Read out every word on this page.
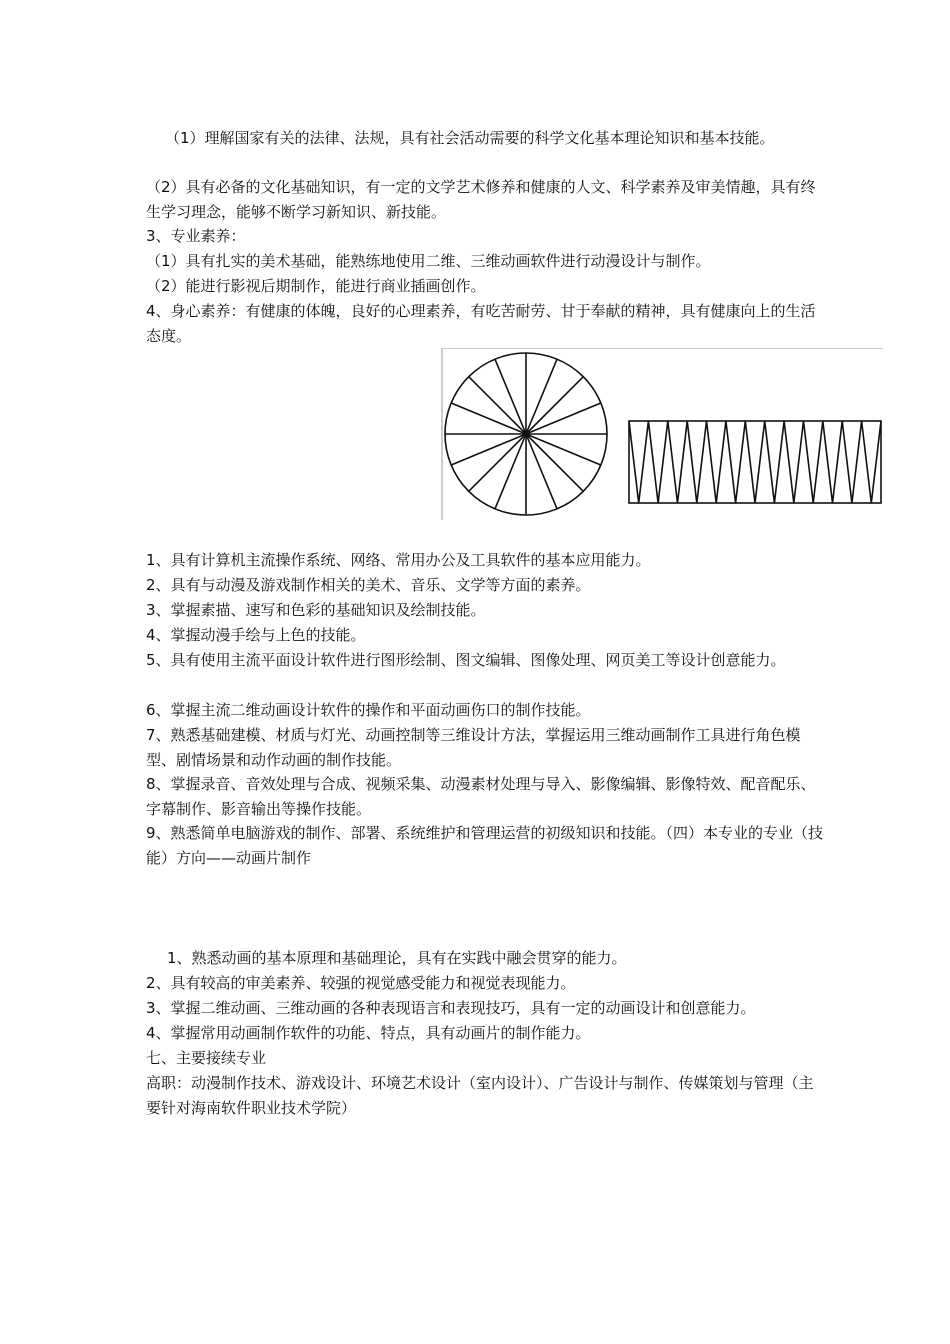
（1）理解国家有关的法律、法规，具有社会活动需要的科学文化基本理论知识和基本技能。

（2）具有必备的文化基础知识，有一定的文学艺术修养和健康的人文、科学素养及审美情趣，具有终生学习理念，能够不断学习新知识、新技能。

3、专业素养：

（1）具有扎实的美术基础，能熟练地使用二维、三维动画软件进行动漫设计与制作。

（2）能进行影视后期制作，能进行商业插画创作。

4、身心素养：有健康的体魄，良好的心理素养，有吃苦耐劳、甘于奉献的精神，具有健康向上的生活态度。

1、具有计算机主流操作系统、网络、常用办公及工具软件的基本应用能力。

2、具有与动漫及游戏制作相关的美术、音乐、文学等方面的素养。

3、掌握素描、速写和色彩的基础知识及绘制技能。

4、掌握动漫手绘与上色的技能。

5、具有使用主流平面设计软件进行图形绘制、图文编辑、图像处理、网页美工等设计创意能力。

6、掌握主流二维动画设计软件的操作和平面动画伤口的制作技能。

7、熟悉基础建模、材质与灯光、动画控制等三维设计方法，掌握运用三维动画制作工具进行角色模型、剧情场景和动作动画的制作技能。

8、掌握录音、音效处理与合成、视频采集、动漫素材处理与导入、影像编辑、影像特效、配音配乐、字幕制作、影音输出等操作技能。

9、熟悉简单电脑游戏的制作、部署、系统维护和管理运营的初级知识和技能。（四）本专业的专业（技能）方向——动画片制作

1、熟悉动画的基本原理和基础理论，具有在实践中融会贯穿的能力。

2、具有较高的审美素养、较强的视觉感受能力和视觉表现能力。

3、掌握二维动画、三维动画的各种表现语言和表现技巧，具有一定的动画设计和创意能力。

4、掌握常用动画制作软件的功能、特点，具有动画片的制作能力。

七、主要接续专业

高职：动漫制作技术、游戏设计、环境艺术设计（室内设计）、广告设计与制作、传媒策划与管理（主要针对海南软件职业技术学院）
